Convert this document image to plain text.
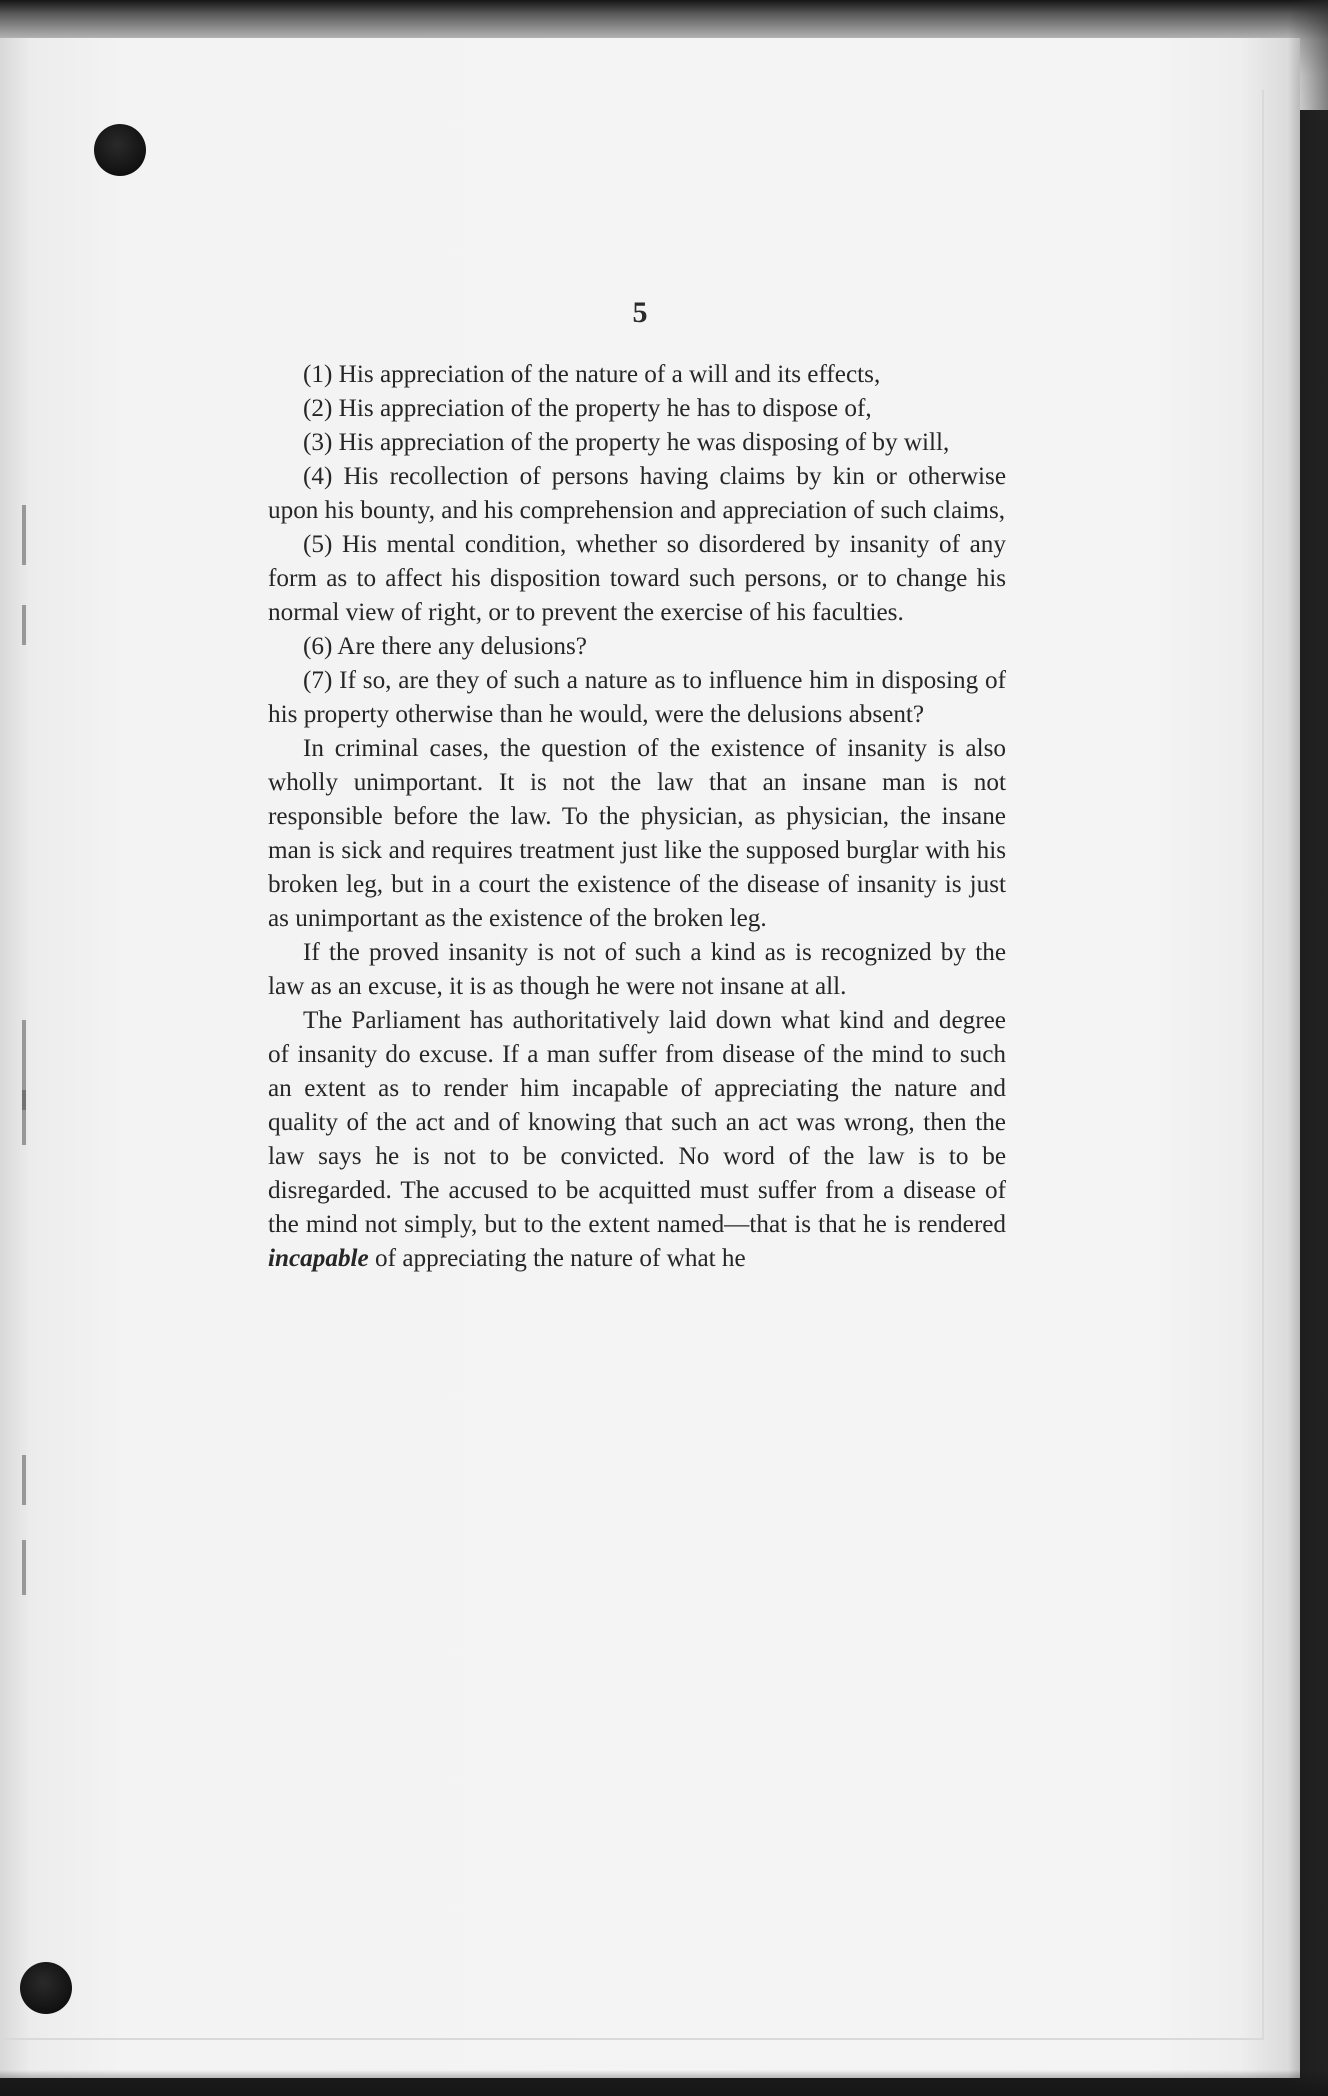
5

(1) His appreciation of the nature of a will and its effects,

(2) His appreciation of the property he has to dispose of,

(3) His appreciation of the property he was disposing of by will,

(4) His recollection of persons having claims by kin or otherwise upon his bounty, and his comprehension and appreciation of such claims,

(5) His mental condition, whether so disordered by insanity of any form as to affect his disposition toward such persons, or to change his normal view of right, or to prevent the exercise of his faculties.

(6) Are there any delusions?

(7) If so, are they of such a nature as to influence him in disposing of his property otherwise than he would, were the delusions absent?

In criminal cases, the question of the existence of insanity is also wholly unimportant. It is not the law that an insane man is not responsible before the law. To the physician, as physician, the insane man is sick and requires treatment just like the supposed burglar with his broken leg, but in a court the existence of the disease of insanity is just as unimportant as the existence of the broken leg.

If the proved insanity is not of such a kind as is recognized by the law as an excuse, it is as though he were not insane at all.

The Parliament has authoritatively laid down what kind and degree of insanity do excuse. If a man suffer from disease of the mind to such an extent as to render him incapable of appreciating the nature and quality of the act and of knowing that such an act was wrong, then the law says he is not to be convicted. No word of the law is to be disregarded. The accused to be acquitted must suffer from a disease of the mind not simply, but to the extent named—that is that he is rendered incapable of appreciating the nature of what he
